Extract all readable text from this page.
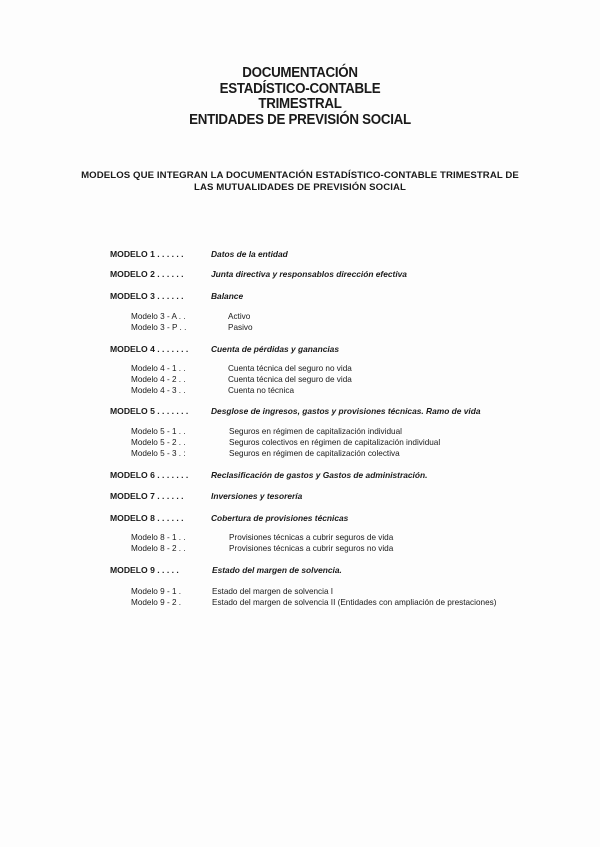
DOCUMENTACIÓN
ESTADÍSTICO-CONTABLE
TRIMESTRAL
ENTIDADES DE PREVISIÓN SOCIAL
MODELOS QUE INTEGRAN LA DOCUMENTACIÓN ESTADÍSTICO-CONTABLE TRIMESTRAL DE
LAS MUTUALIDADES DE PREVISIÓN SOCIAL
MODELO 1 . . . . . .	Datos de la entidad
MODELO 2 . . . . . .	Junta directiva y responsablos dirección efectiva
MODELO 3 . . . . . .	Balance
Modelo 3 - A . .	Activo
Modelo 3 - P . .	Pasivo
MODELO 4 . . . . . . .	Cuenta de pérdidas y ganancias
Modelo 4 - 1 . .	Cuenta técnica del seguro no vida
Modelo 4 - 2 . .	Cuenta técnica del seguro de vida
Modelo 4 - 3 . .	Cuenta no técnica
MODELO 5 . . . . . . .	Desglose de ingresos, gastos y provisiones técnicas. Ramo de vida
Modelo 5 - 1 . .	Seguros en régimen de capitalización individual
Modelo 5 - 2 . .	Seguros colectivos en régimen de capitalización individual
Modelo 5 - 3 . :	Seguros en régimen de capitalización colectiva
MODELO 6 . . . . . . .	Reclasificación de gastos y Gastos de administración.
MODELO 7 . . . . . .	Inversiones y tesorería
MODELO 8 . . . . . .	Cobertura de provisiones técnicas
Modelo 8 - 1 . .	Provisiones técnicas a cubrir seguros de vida
Modelo 8 - 2 . .	Provisiones técnicas a cubrir seguros no vida
MODELO 9 . . . . .	Estado del margen de solvencia.
Modelo 9 - 1 .	Estado del margen de solvencia I
Modelo 9 - 2 .	Estado del margen de solvencia II (Entidades con ampliación de prestaciones)
